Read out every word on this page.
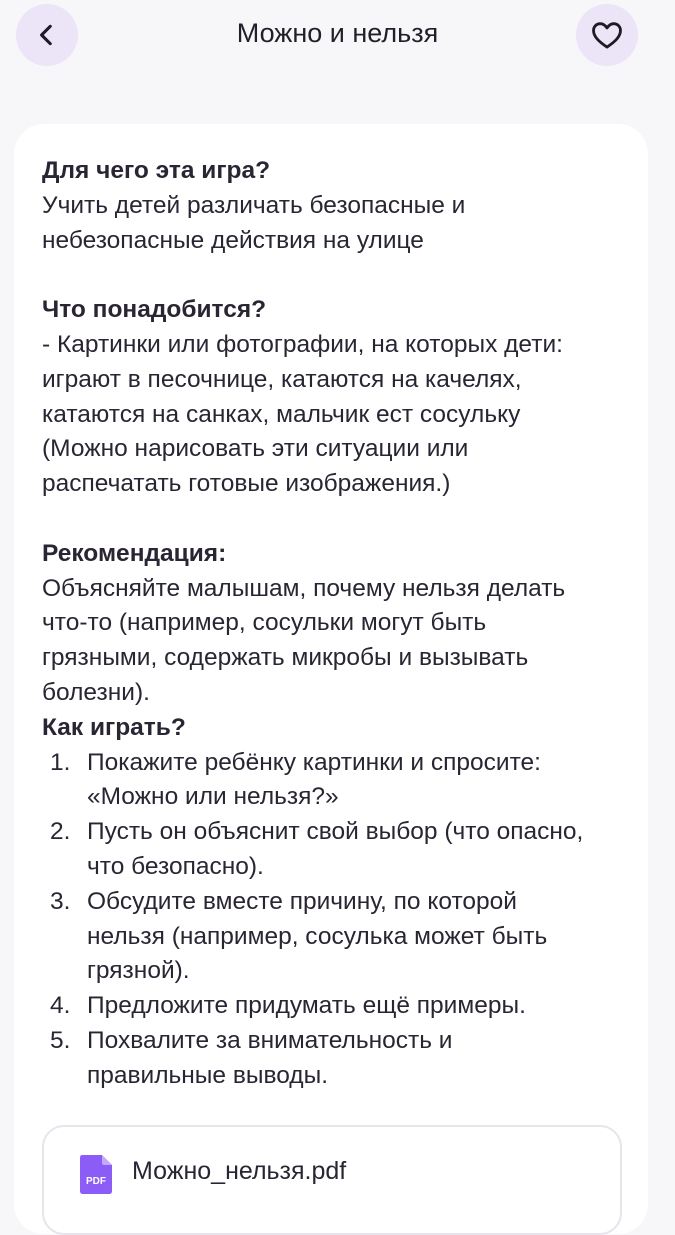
Можно и нельзя
Для чего эта игра?
Учить детей различать безопасные и
небезопасные действия на улице
Что понадобится?
- Картинки или фотографии, на которых дети:
играют в песочнице, катаются на качелях,
катаются на санках, мальчик ест сосульку
(Можно нарисовать эти ситуации или
распечатать готовые изображения.)
Рекомендация:
Объясняйте малышам, почему нельзя делать
что-то (например, сосульки могут быть
грязными, содержать микробы и вызывать
болезни).
Как играть?
1. Покажите ребёнку картинки и спросите:
«Можно или нельзя?»
2. Пусть он объяснит свой выбор (что опасно,
что безопасно).
3. Обсудите вместе причину, по которой
нельзя (например, сосулька может быть
грязной).
4. Предложите придумать ещё примеры.
5. Похвалите за внимательность и
правильные выводы.
PDF Можно_нельзя.pdf
